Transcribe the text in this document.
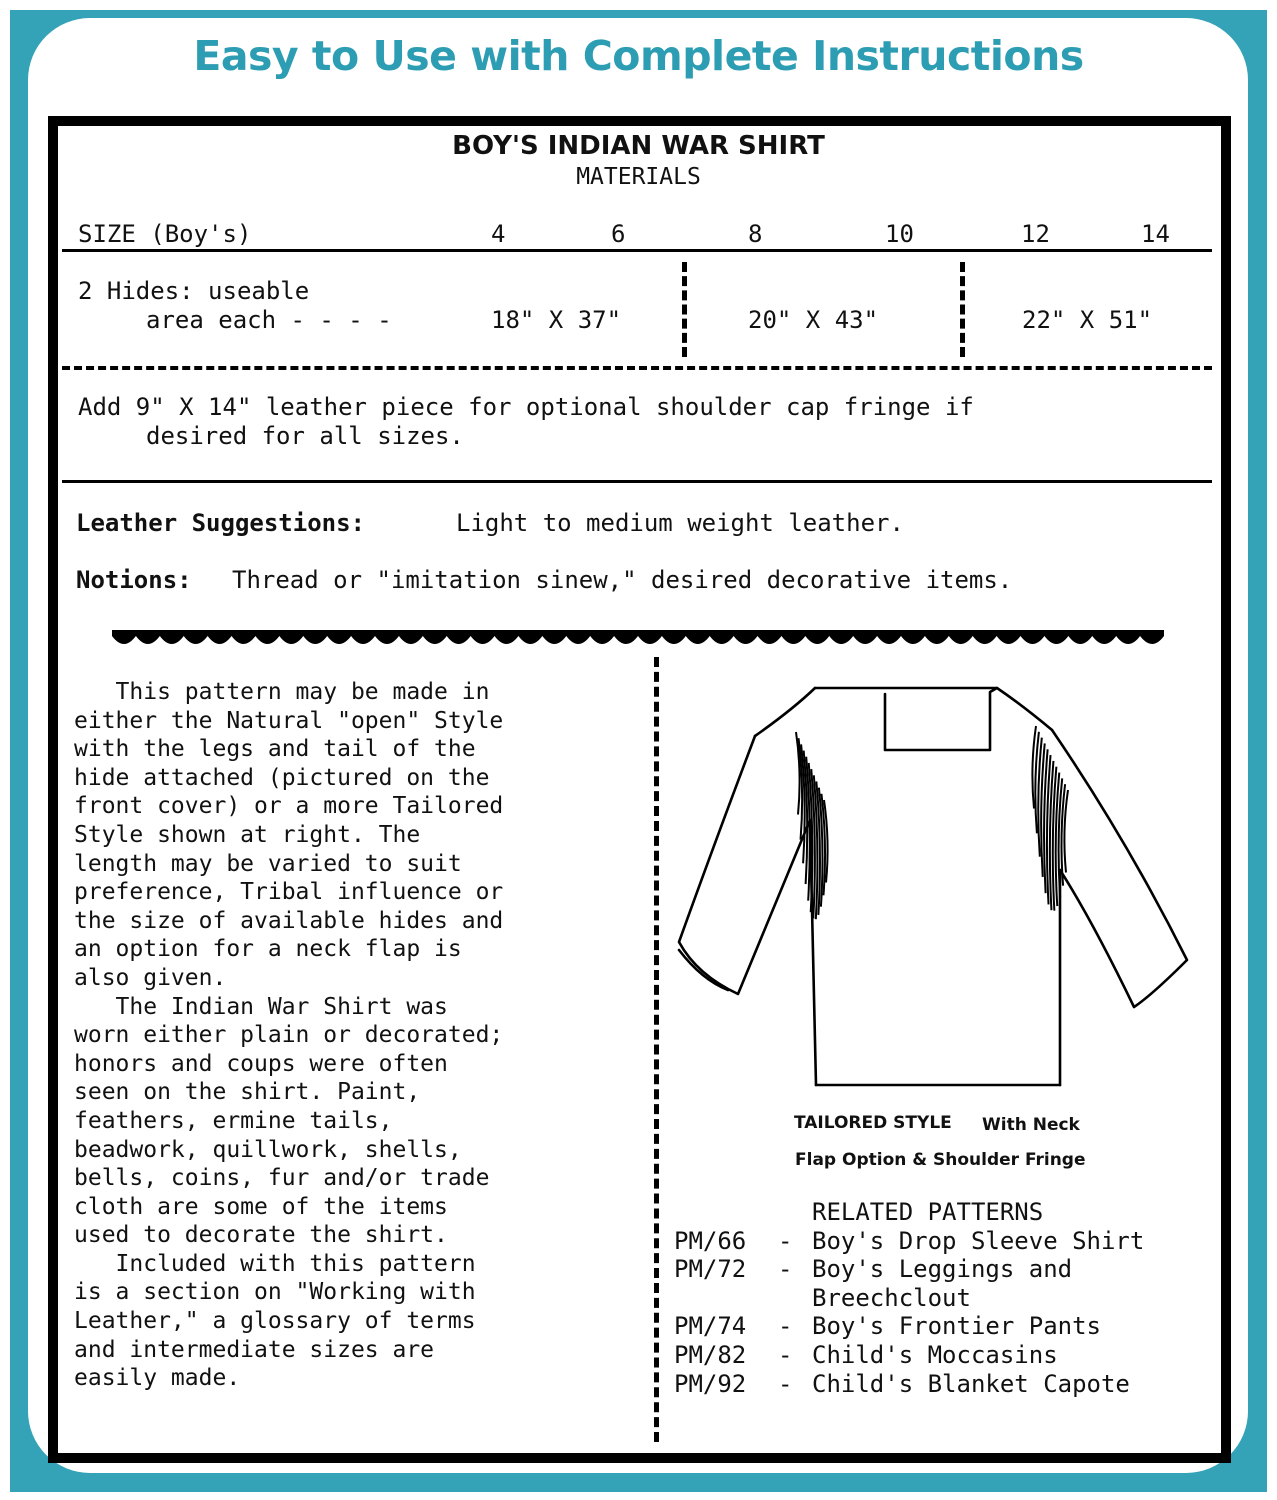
Easy to Use with Complete Instructions
BOY'S INDIAN WAR SHIRT
MATERIALS
SIZE (Boy's)	4	6	8	10	12	14
2 Hides: useable
area each - - - -	18" X 37"	20" X 43"	22" X 51"
Add 9" X 14" leather piece for optional shoulder cap fringe if
desired for all sizes.
Leather Suggestions:	Light to medium weight leather.
Notions: Thread or "imitation sinew," desired decorative items.
This pattern may be made in
either the Natural "open" Style
with the legs and tail of the
hide attached (pictured on the
front cover) or a more Tailored
Style shown at right. The
length may be varied to suit
preference, Tribal influence or
the size of available hides and
an option for a neck flap is
also given.
The Indian War Shirt was
worn either plain or decorated;
honors and coups were often
seen on the shirt. Paint,
feathers, ermine tails,
beadwork, quillwork, shells,
bells, coins, fur and/or trade
cloth are some of the items
used to decorate the shirt.
Included with this pattern
is a section on "Working with
Leather," a glossary of terms
and intermediate sizes are
easily made.
TAILORED STYLE With Neck
Flap Option & Shoulder Fringe
RELATED PATTERNS
PM/66 - Boy's Drop Sleeve Shirt
PM/72 - Boy's Leggings and
Breechclout
PM/74 - Boy's Frontier Pants
PM/82 - Child's Moccasins
PM/92 - Child's Blanket Capote
